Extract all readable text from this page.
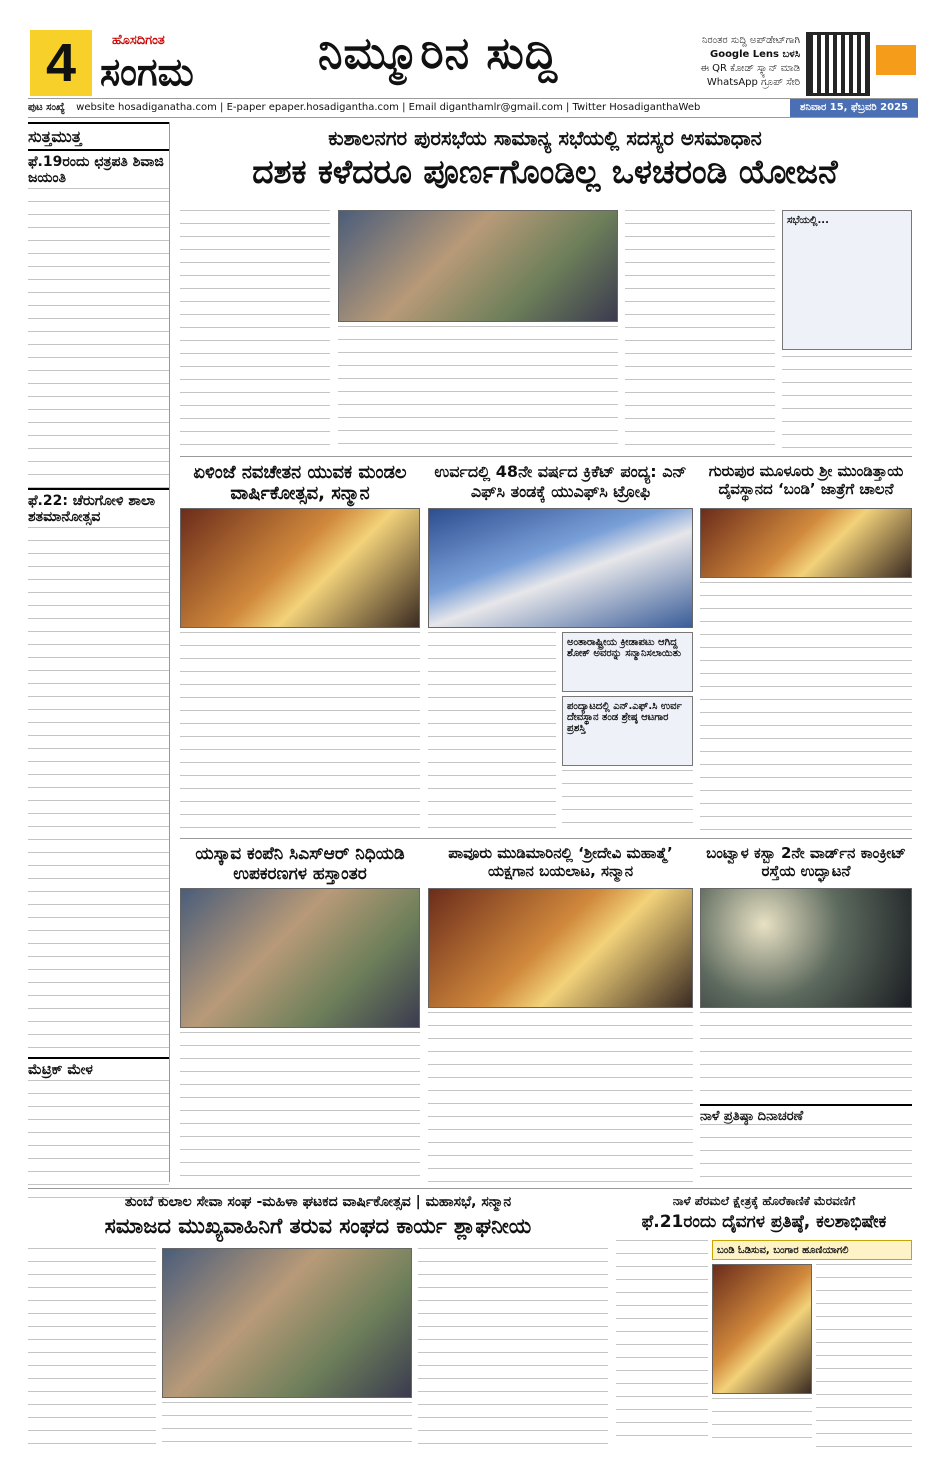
4	ಹೊಸದಿಗಂತ
ಸಂಗಮ	ನಿಮ್ಮೂರಿನ ಸುದ್ದಿ	ನಿರಂತರ ಸುದ್ದಿ ಅಪ್‌ಡೇಟ್‌ಗಾಗಿ
Google Lens ಬಳಸಿ
ಈ QR ಕೋಡ್ ಸ್ಕ್ಯಾನ್ ಮಾಡಿ
WhatsApp ಗ್ರೂಪ್ ಸೇರಿ
ಪುಟ ಸಂಖ್ಯೆ website hosadiganatha.com | E-paper epaper.hosadigantha.com | Email diganthamlr@gmail.com | Twitter HosadiganthaWeb	ಶನಿವಾರ 15, ಫೆಬ್ರವರಿ 2025
ಸುತ್ತಮುತ್ತ
ಫೆ.19ರಂದು ಛತ್ರಪತಿ ಶಿವಾಜಿ ಜಯಂತಿ
ಫೆ.22: ಚೆರುಗೋಳಿ ಶಾಲಾ ಶತಮಾನೋತ್ಸವ
ಮೆಟ್ರಿಕ್ ಮೇಳ
ಕುಶಾಲನಗರ ಪುರಸಭೆಯ ಸಾಮಾನ್ಯ ಸಭೆಯಲ್ಲಿ ಸದಸ್ಯರ ಅಸಮಾಧಾನ
ದಶಕ ಕಳೆದರೂ ಪೂರ್ಣಗೊಂಡಿಲ್ಲ ಒಳಚರಂಡಿ ಯೋಜನೆ
ಸಭೆಯಲ್ಲಿ...
ಏಳಿಂಜೆ ನವಚೇತನ ಯುವಕ ಮಂಡಲ ವಾರ್ಷಿಕೋತ್ಸವ, ಸನ್ಮಾನ
ಉರ್ವದಲ್ಲಿ 48ನೇ ವರ್ಷದ ಕ್ರಿಕೆಟ್ ಪಂದ್ಯ: ಎನ್ ಎಫ್‌ಸಿ ತಂಡಕ್ಕೆ ಯುಎಫ್‌ಸಿ ಟ್ರೋಫಿ
ಅಂತಾರಾಷ್ಟ್ರೀಯ ಕ್ರೀಡಾಪಟು ಆಗಿದ್ದ ಶೋಕ್ ಅವರನ್ನು ಸನ್ಮಾನಿಸಲಾಯಿತು
ಪಂದ್ಯಾಟದಲ್ಲಿ ಎನ್.ಎಫ್.ಸಿ ಉರ್ವ ದೇವಸ್ಥಾನ ತಂಡ ಶ್ರೇಷ್ಠ ಆಟಗಾರ ಪ್ರಶಸ್ತಿ
ಗುರುಪುರ ಮೂಳೂರು ಶ್ರೀ ಮುಂಡಿತ್ತಾಯ ದೈವಸ್ಥಾನದ ‘ಬಂಡಿ’ ಜಾತ್ರೆಗೆ ಚಾಲನೆ
ಯಸ್ಕಾವ ಕಂಪೆನಿ ಸಿಎಸ್‌ಆರ್ ನಿಧಿಯಡಿ ಉಪಕರಣಗಳ ಹಸ್ತಾಂತರ
ಪಾವೂರು ಮುಡಿಮಾರಿನಲ್ಲಿ ‘ಶ್ರೀದೇವಿ ಮಹಾತ್ಮೆ’ ಯಕ್ಷಗಾನ ಬಯಲಾಟ, ಸನ್ಮಾನ
ಬಂಟ್ವಾಳ ಕಸ್ಬಾ 2ನೇ ವಾರ್ಡ್‌ನ ಕಾಂಕ್ರೀಟ್ ರಸ್ತೆಯ ಉದ್ಘಾಟನೆ
ನಾಳೆ ಪ್ರತಿಷ್ಠಾ ದಿನಾಚರಣೆ
ತುಂಬೆ ಕುಲಾಲ ಸೇವಾ ಸಂಘ -ಮಹಿಳಾ ಘಟಕದ ವಾರ್ಷಿಕೋತ್ಸವ | ಮಹಾಸಭೆ, ಸನ್ಮಾನ
ಸಮಾಜದ ಮುಖ್ಯವಾಹಿನಿಗೆ ತರುವ ಸಂಘದ ಕಾರ್ಯ ಶ್ಲಾಘನೀಯ
ನಾಳೆ ಪೆರಮಲೆ ಕ್ಷೇತ್ರಕ್ಕೆ ಹೊರೆಕಾಣಿಕೆ ಮೆರವಣಿಗೆ
ಫೆ.21ರಂದು ದೈವಗಳ ಪ್ರತಿಷ್ಠೆ, ಕಲಶಾಭಿಷೇಕ
ಬಂಡಿ ಓಡಿಸುವ, ಬಂಗಾರ ಹೂಣಿಯಾಗಲಿ
